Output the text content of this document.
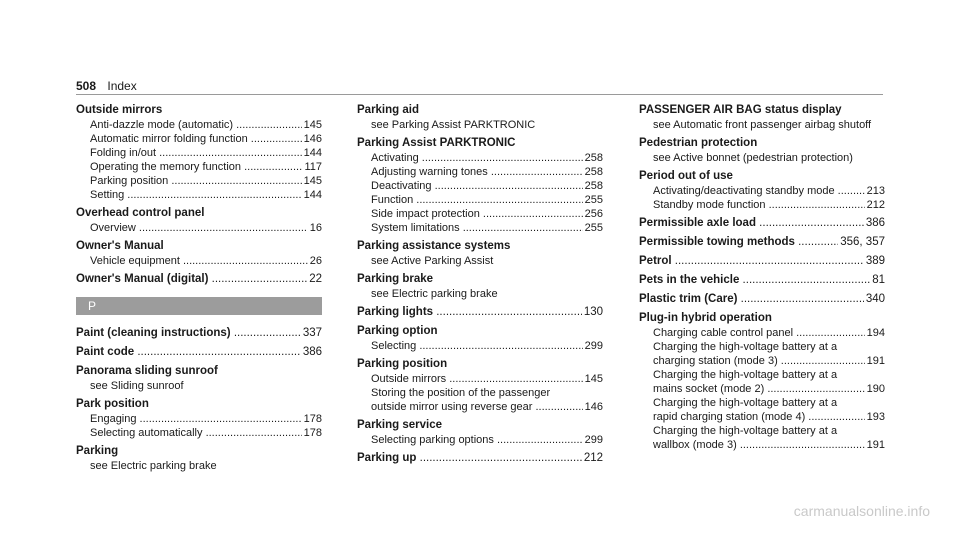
508 Index
Outside mirrors
Anti-dazzle mode (automatic) .....	145
Automatic mirror folding function .....	146
Folding in/out .....	144
Operating the memory function .....	117
Parking position .....	145
Setting .....	144
Overhead control panel
Overview .....	16
Owner's Manual
Vehicle equipment .....	26
Owner's Manual (digital) .....	22
P
Paint (cleaning instructions) .....	337
Paint code .....	386
Panorama sliding sunroof
see Sliding sunroof
Park position
Engaging .....	178
Selecting automatically .....	178
Parking
see Electric parking brake
Parking aid
see Parking Assist PARKTRONIC
Parking Assist PARKTRONIC
Activating .....	258
Adjusting warning tones .....	258
Deactivating .....	258
Function .....	255
Side impact protection .....	256
System limitations .....	255
Parking assistance systems
see Active Parking Assist
Parking brake
see Electric parking brake
Parking lights .....	130
Parking option
Selecting .....	299
Parking position
Outside mirrors .....	145
Storing the position of the passenger
outside mirror using reverse gear .....	146
Parking service
Selecting parking options .....	299
Parking up .....	212
PASSENGER AIR BAG status display
see Automatic front passenger airbag shutoff
Pedestrian protection
see Active bonnet (pedestrian protection)
Period out of use
Activating/deactivating standby mode .....	213
Standby mode function .....	212
Permissible axle load .....	386
Permissible towing methods .....	356, 357
Petrol .....	389
Pets in the vehicle .....	81
Plastic trim (Care) .....	340
Plug-in hybrid operation
Charging cable control panel .....	194
Charging the high-voltage battery at a
charging station (mode 3) .....	191
Charging the high-voltage battery at a
mains socket (mode 2) .....	190
Charging the high-voltage battery at a
rapid charging station (mode 4) .....	193
Charging the high-voltage battery at a
wallbox (mode 3) .....	191
carmanualsonline.info
